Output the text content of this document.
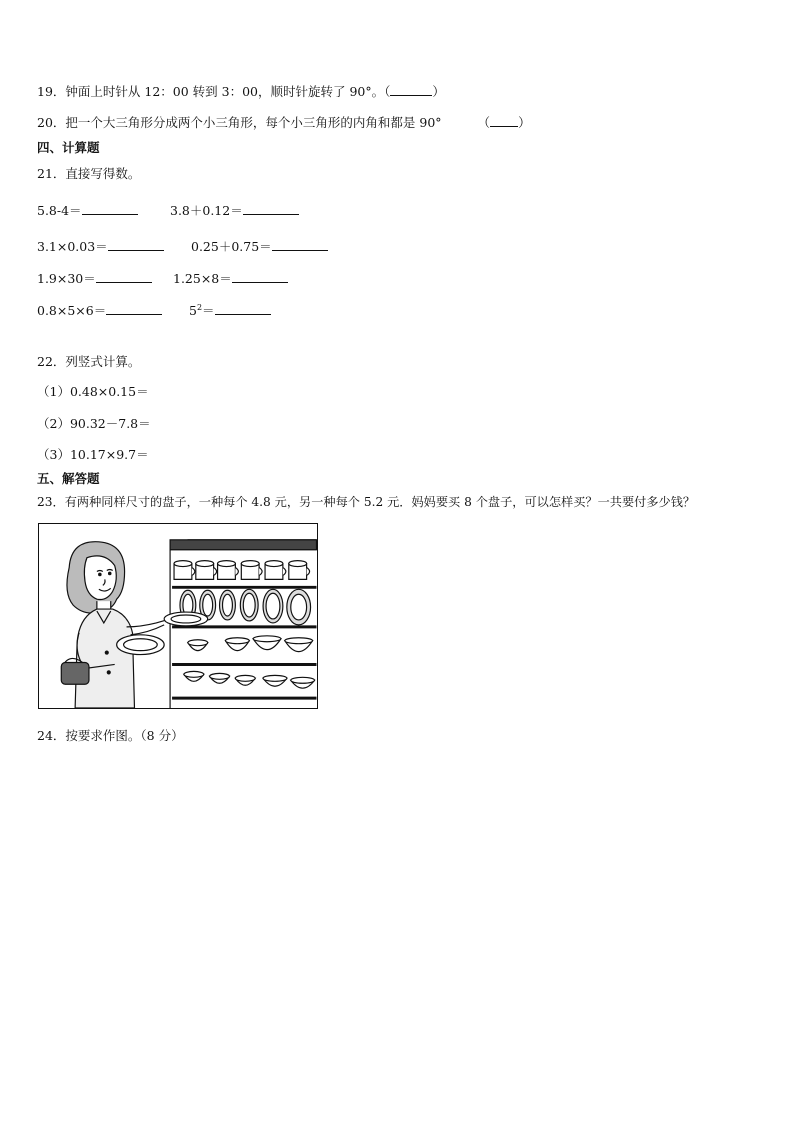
19．钟面上时针从 12：00 转到 3：00，顺时针旋转了 90°。（	）
20．把一个大三角形分成两个小三角形，每个小三角形的内角和都是 90°	（ ）
四、计算题
21．直接写得数。
5.8-4＝	3.8＋0.12＝
3.1×0.03＝	0.25＋0.75＝
1.9×30＝	1.25×8＝
0.8×5×6＝	$5^2=$
22．列竖式计算。
（1）0.48×0.15＝
（2）90.32－7.8＝
（3）10.17×9.7＝
五、解答题
23．有两种同样尺寸的盘子，一种每个 4.8 元，另一种每个 5.2 元．妈妈要买 8 个盘子，可以怎样买？一共要付多少钱？
24．按要求作图。（8 分）
